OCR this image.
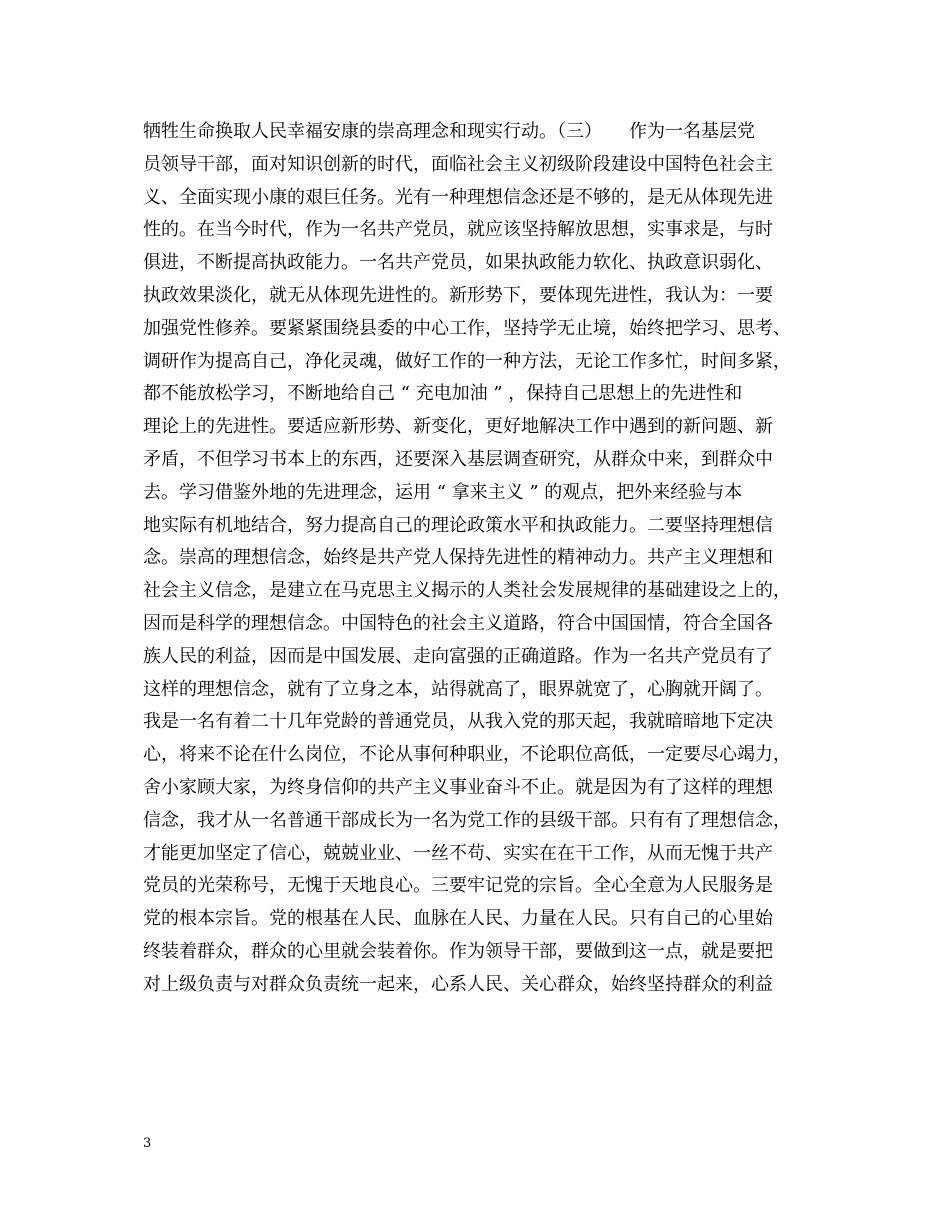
牺牲生命换取人民幸福安康的崇高理念和现实行动。（三）　　作为一名基层党
员领导干部，面对知识创新的时代，面临社会主义初级阶段建设中国特色社会主
义、全面实现小康的艰巨任务。光有一种理想信念还是不够的，是无从体现先进
性的。在当今时代，作为一名共产党员，就应该坚持解放思想，实事求是，与时
俱进，不断提高执政能力。一名共产党员，如果执政能力软化、执政意识弱化、
执政效果淡化，就无从体现先进性的。新形势下，要体现先进性，我认为：一要
加强党性修养。要紧紧围绕县委的中心工作，坚持学无止境，始终把学习、思考、
调研作为提高自己，净化灵魂，做好工作的一种方法，无论工作多忙，时间多紧，
都不能放松学习，不断地给自己 “ 充电加油 ” ，保持自己思想上的先进性和
理论上的先进性。要适应新形势、新变化，更好地解决工作中遇到的新问题、新
矛盾，不但学习书本上的东西，还要深入基层调查研究，从群众中来，到群众中
去。学习借鉴外地的先进理念，运用 “ 拿来主义 ” 的观点，把外来经验与本
地实际有机地结合，努力提高自己的理论政策水平和执政能力。二要坚持理想信
念。崇高的理想信念，始终是共产党人保持先进性的精神动力。共产主义理想和
社会主义信念，是建立在马克思主义揭示的人类社会发展规律的基础建设之上的，
因而是科学的理想信念。中国特色的社会主义道路，符合中国国情，符合全国各
族人民的利益，因而是中国发展、走向富强的正确道路。作为一名共产党员有了
这样的理想信念，就有了立身之本，站得就高了，眼界就宽了，心胸就开阔了。
我是一名有着二十几年党龄的普通党员，从我入党的那天起，我就暗暗地下定决
心，将来不论在什么岗位，不论从事何种职业，不论职位高低，一定要尽心竭力，
舍小家顾大家，为终身信仰的共产主义事业奋斗不止。就是因为有了这样的理想
信念，我才从一名普通干部成长为一名为党工作的县级干部。只有有了理想信念，
才能更加坚定了信心，兢兢业业、一丝不苟、实实在在干工作，从而无愧于共产
党员的光荣称号，无愧于天地良心。三要牢记党的宗旨。全心全意为人民服务是
党的根本宗旨。党的根基在人民、血脉在人民、力量在人民。只有自己的心里始
终装着群众，群众的心里就会装着你。作为领导干部，要做到这一点，就是要把
对上级负责与对群众负责统一起来，心系人民、关心群众，始终坚持群众的利益
3
